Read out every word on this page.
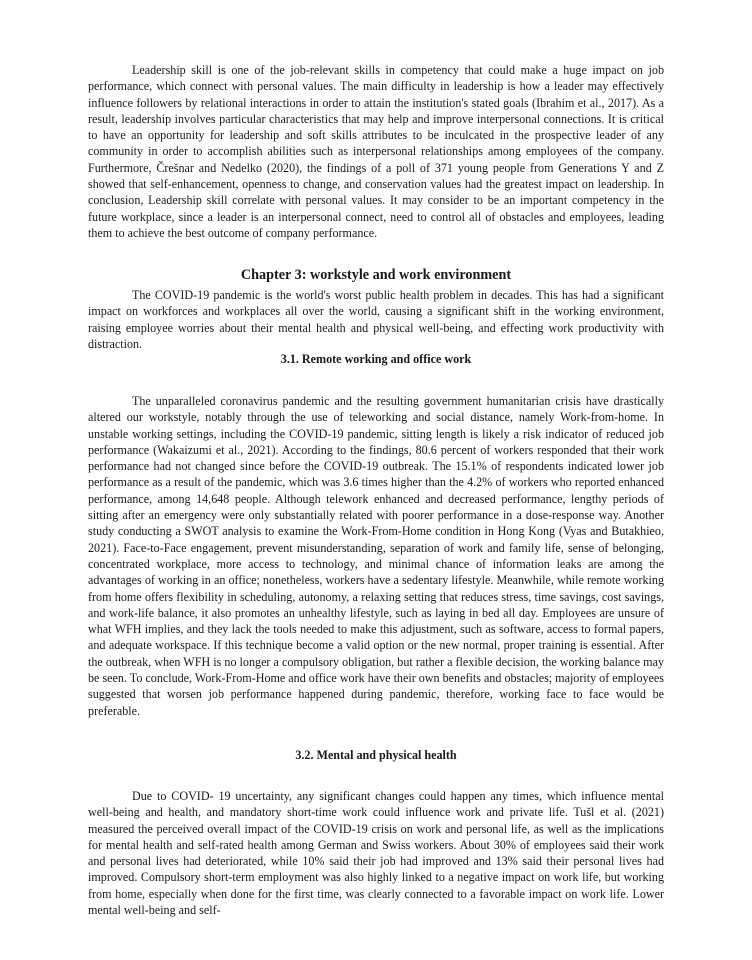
Leadership skill is one of the job-relevant skills in competency that could make a huge impact on job performance, which connect with personal values. The main difficulty in leadership is how a leader may effectively influence followers by relational interactions in order to attain the institution's stated goals (Ibrahim et al., 2017). As a result, leadership involves particular characteristics that may help and improve interpersonal connections. It is critical to have an opportunity for leadership and soft skills attributes to be inculcated in the prospective leader of any community in order to accomplish abilities such as interpersonal relationships among employees of the company. Furthermore, Črešnar and Nedelko (2020), the findings of a poll of 371 young people from Generations Y and Z showed that self-enhancement, openness to change, and conservation values had the greatest impact on leadership. In conclusion, Leadership skill correlate with personal values. It may consider to be an important competency in the future workplace, since a leader is an interpersonal connect, need to control all of obstacles and employees, leading them to achieve the best outcome of company performance.

Chapter 3: workstyle and work environment

The COVID-19 pandemic is the world's worst public health problem in decades. This has had a significant impact on workforces and workplaces all over the world, causing a significant shift in the working environment, raising employee worries about their mental health and physical well-being, and effecting work productivity with distraction.

3.1. Remote working and office work

The unparalleled coronavirus pandemic and the resulting government humanitarian crisis have drastically altered our workstyle, notably through the use of teleworking and social distance, namely Work-from-home. In unstable working settings, including the COVID-19 pandemic, sitting length is likely a risk indicator of reduced job performance (Wakaizumi et al., 2021). According to the findings, 80.6 percent of workers responded that their work performance had not changed since before the COVID-19 outbreak. The 15.1% of respondents indicated lower job performance as a result of the pandemic, which was 3.6 times higher than the 4.2% of workers who reported enhanced performance, among 14,648 people. Although telework enhanced and decreased performance, lengthy periods of sitting after an emergency were only substantially related with poorer performance in a dose-response way. Another study conducting a SWOT analysis to examine the Work-From-Home condition in Hong Kong (Vyas and Butakhieo, 2021). Face-to-Face engagement, prevent misunderstanding, separation of work and family life, sense of belonging, concentrated workplace, more access to technology, and minimal chance of information leaks are among the advantages of working in an office; nonetheless, workers have a sedentary lifestyle. Meanwhile, while remote working from home offers flexibility in scheduling, autonomy, a relaxing setting that reduces stress, time savings, cost savings, and work-life balance, it also promotes an unhealthy lifestyle, such as laying in bed all day. Employees are unsure of what WFH implies, and they lack the tools needed to make this adjustment, such as software, access to formal papers, and adequate workspace. If this technique become a valid option or the new normal, proper training is essential. After the outbreak, when WFH is no longer a compulsory obligation, but rather a flexible decision, the working balance may be seen. To conclude, Work-From-Home and office work have their own benefits and obstacles; majority of employees suggested that worsen job performance happened during pandemic, therefore, working face to face would be preferable.

3.2. Mental and physical health

Due to COVID- 19 uncertainty, any significant changes could happen any times, which influence mental well-being and health, and mandatory short-time work could influence work and private life. Tušl et al. (2021) measured the perceived overall impact of the COVID-19 crisis on work and personal life, as well as the implications for mental health and self-rated health among German and Swiss workers. About 30% of employees said their work and personal lives had deteriorated, while 10% said their job had improved and 13% said their personal lives had improved. Compulsory short-term employment was also highly linked to a negative impact on work life, but working from home, especially when done for the first time, was clearly connected to a favorable impact on work life. Lower mental well-being and self-
